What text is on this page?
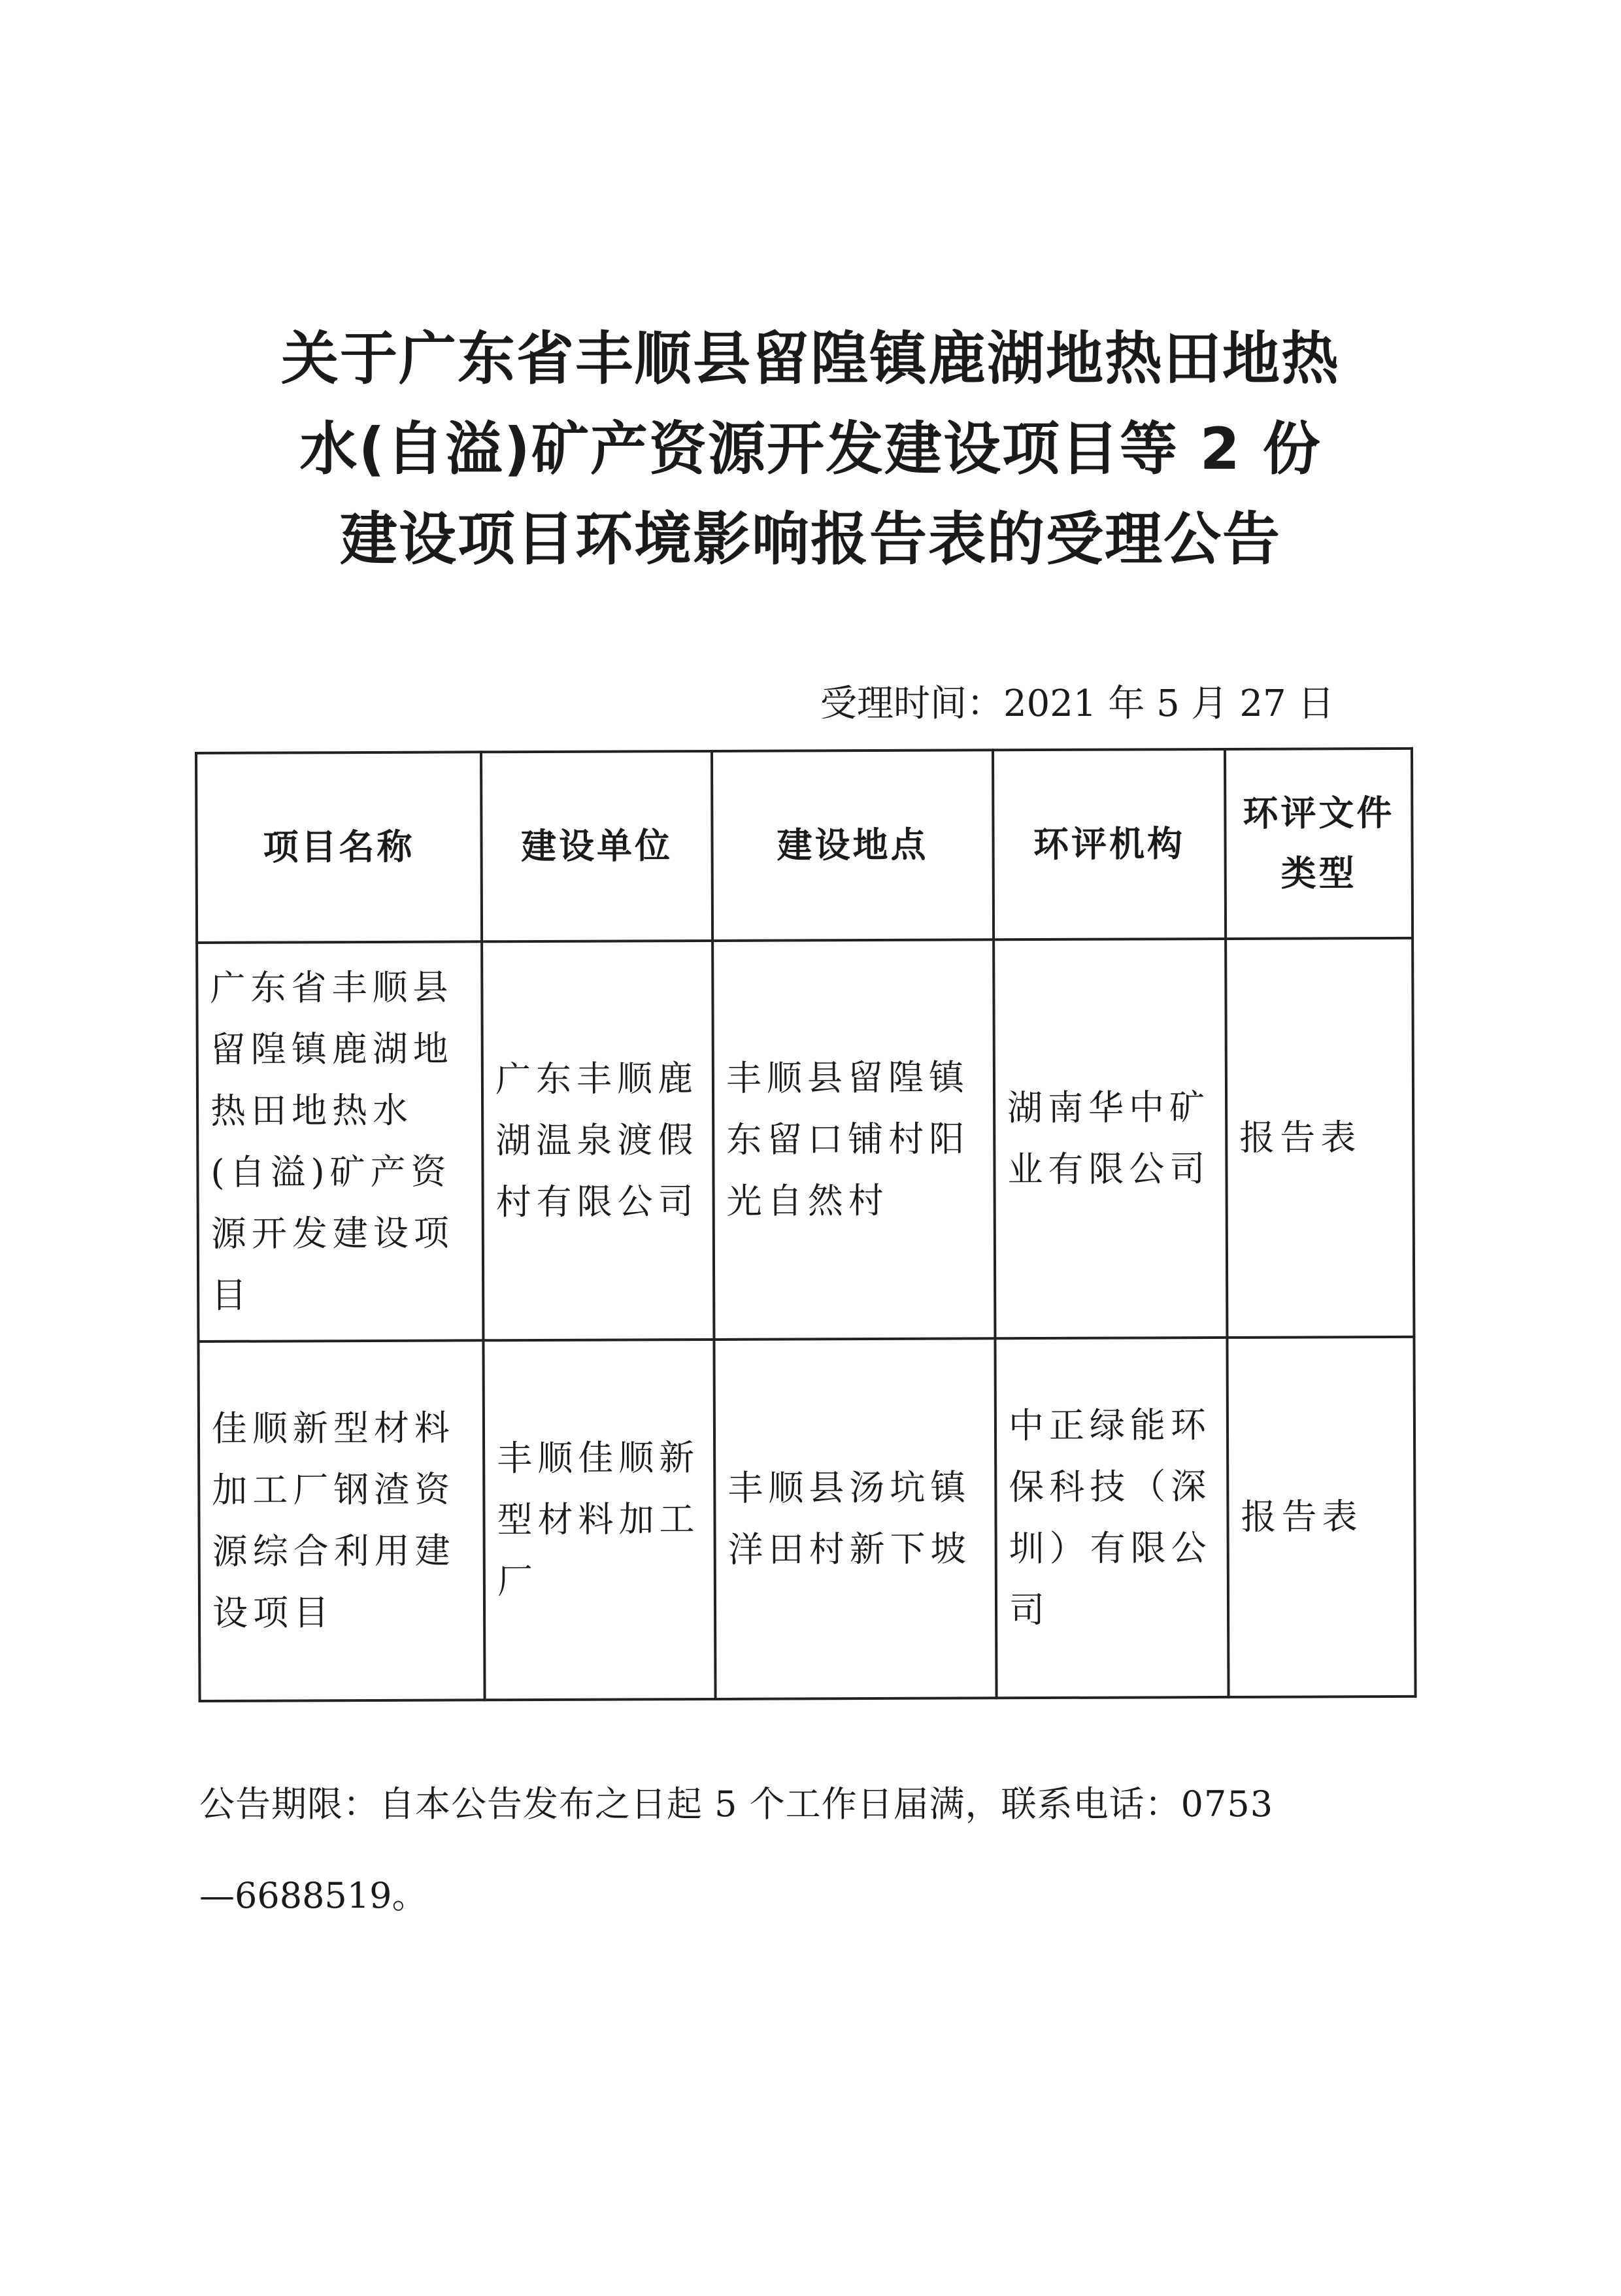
关于广东省丰顺县留隍镇鹿湖地热田地热
水(自溢)矿产资源开发建设项目等 2 份
建设项目环境影响报告表的受理公告
受理时间：2021 年 5 月 27 日
项目名称	建设单位	建设地点	环评机构	环评文件类型
广东省丰顺县留隍镇鹿湖地热田地热水(自溢)矿产资源开发建设项目	广东丰顺鹿湖温泉渡假村有限公司	丰顺县留隍镇东留口铺村阳光自然村	湖南华中矿业有限公司	报告表
佳顺新型材料加工厂钢渣资源综合利用建设项目	丰顺佳顺新型材料加工厂	丰顺县汤坑镇洋田村新下坡	中正绿能环保科技（深圳）有限公司	报告表
公告期限：自本公告发布之日起 5 个工作日届满，联系电话：0753
—6688519。
